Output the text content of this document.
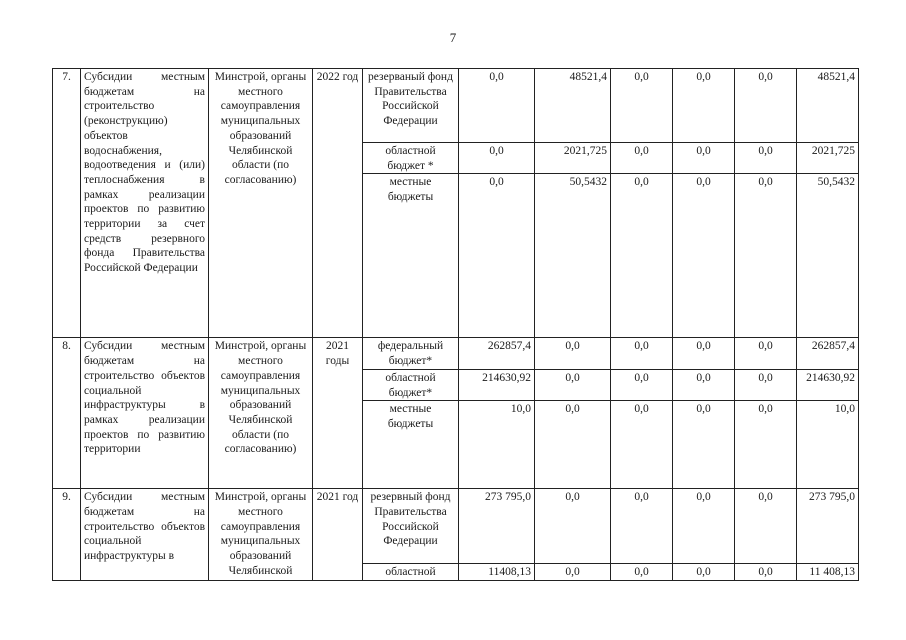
7
7.	Субсидии местным бюджетам на строительство (реконструкцию) объектов водоснабжения, водоотведения и (или) теплоснабжения в рамках реализации проектов по развитию территории за счет средств резервного фонда Правительства Российской Федерации	Минстрой, органы местного самоуправления муниципальных образований Челябинской области (по согласованию)	2022 год	резерваный фонд Правительства Российской Федерации	0,0	48521,4	0,0	0,0	0,0	48521,4
				областной бюджет *	0,0	2021,725	0,0	0,0	0,0	2021,725
				местные бюджеты	0,0	50,5432	0,0	0,0	0,0	50,5432
8.	Субсидии местным бюджетам на строительство объектов социальной инфраструктуры в рамках реализации проектов по развитию территории	Минстрой, органы местного самоуправления муниципальных образований Челябинской области (по согласованию)	2021 годы	федеральный бюджет*	262857,4	0,0	0,0	0,0	0,0	262857,4
				областной бюджет*	214630,92	0,0	0,0	0,0	0,0	214630,92
				местные бюджеты	10,0	0,0	0,0	0,0	0,0	10,0
9.	Субсидии местным бюджетам на строительство объектов социальной инфраструктуры в	Минстрой, органы местного самоуправления муниципальных образований Челябинской	2021 год	резервный фонд Правительства Российской Федерации	273 795,0	0,0	0,0	0,0	0,0	273 795,0
				областной	11408,13	0,0	0,0	0,0	0,0	11 408,13
